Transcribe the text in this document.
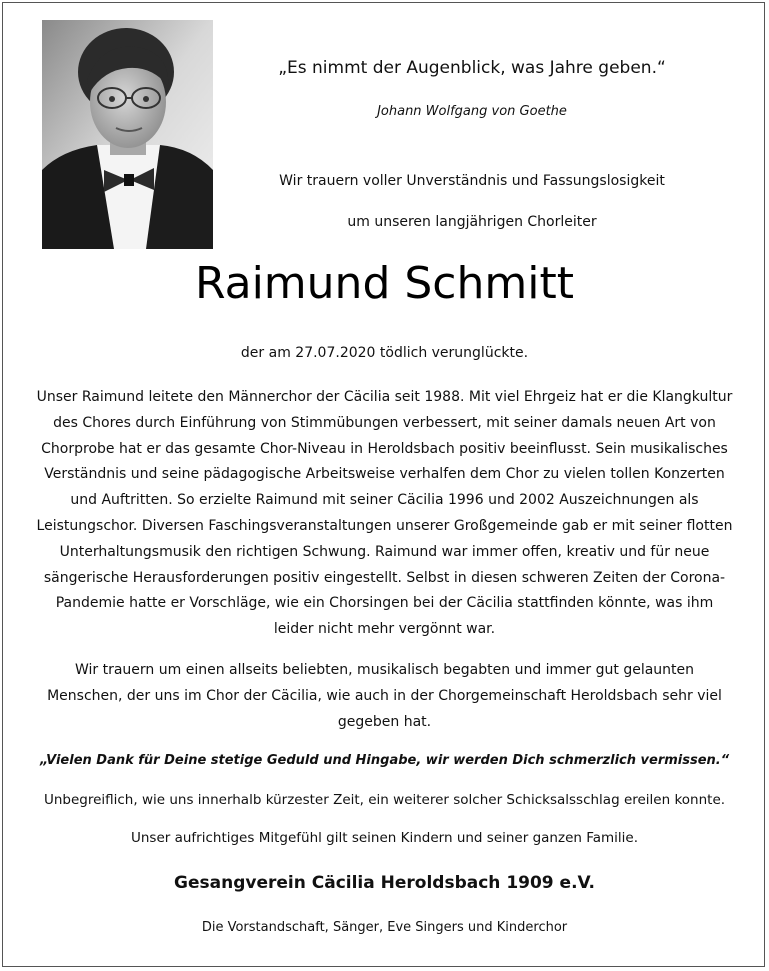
„Es nimmt der Augenblick, was Jahre geben.“
Johann Wolfgang von Goethe
Wir trauern voller Unverständnis und Fassungslosigkeit
um unseren langjährigen Chorleiter
Raimund Schmitt
der am 27.07.2020 tödlich verunglückte.
Unser Raimund leitete den Männerchor der Cäcilia seit 1988. Mit viel Ehrgeiz hat er die Klangkultur
des Chores durch Einführung von Stimmübungen verbessert, mit seiner damals neuen Art von
Chorprobe hat er das gesamte Chor-Niveau in Heroldsbach positiv beeinflusst. Sein musikalisches
Verständnis und seine pädagogische Arbeitsweise verhalfen dem Chor zu vielen tollen Konzerten
und Auftritten. So erzielte Raimund mit seiner Cäcilia 1996 und 2002 Auszeichnungen als
Leistungschor. Diversen Faschingsveranstaltungen unserer Großgemeinde gab er mit seiner flotten
Unterhaltungsmusik den richtigen Schwung. Raimund war immer offen, kreativ und für neue
sängerische Herausforderungen positiv eingestellt. Selbst in diesen schweren Zeiten der Corona-
Pandemie hatte er Vorschläge, wie ein Chorsingen bei der Cäcilia stattfinden könnte, was ihm
leider nicht mehr vergönnt war.
Wir trauern um einen allseits beliebten, musikalisch begabten und immer gut gelaunten
Menschen, der uns im Chor der Cäcilia, wie auch in der Chorgemeinschaft Heroldsbach sehr viel
gegeben hat.
„Vielen Dank für Deine stetige Geduld und Hingabe, wir werden Dich schmerzlich vermissen.“
Unbegreiflich, wie uns innerhalb kürzester Zeit, ein weiterer solcher Schicksalsschlag ereilen konnte.
Unser aufrichtiges Mitgefühl gilt seinen Kindern und seiner ganzen Familie.
Gesangverein Cäcilia Heroldsbach 1909 e.V.
Die Vorstandschaft, Sänger, Eve Singers und Kinderchor
